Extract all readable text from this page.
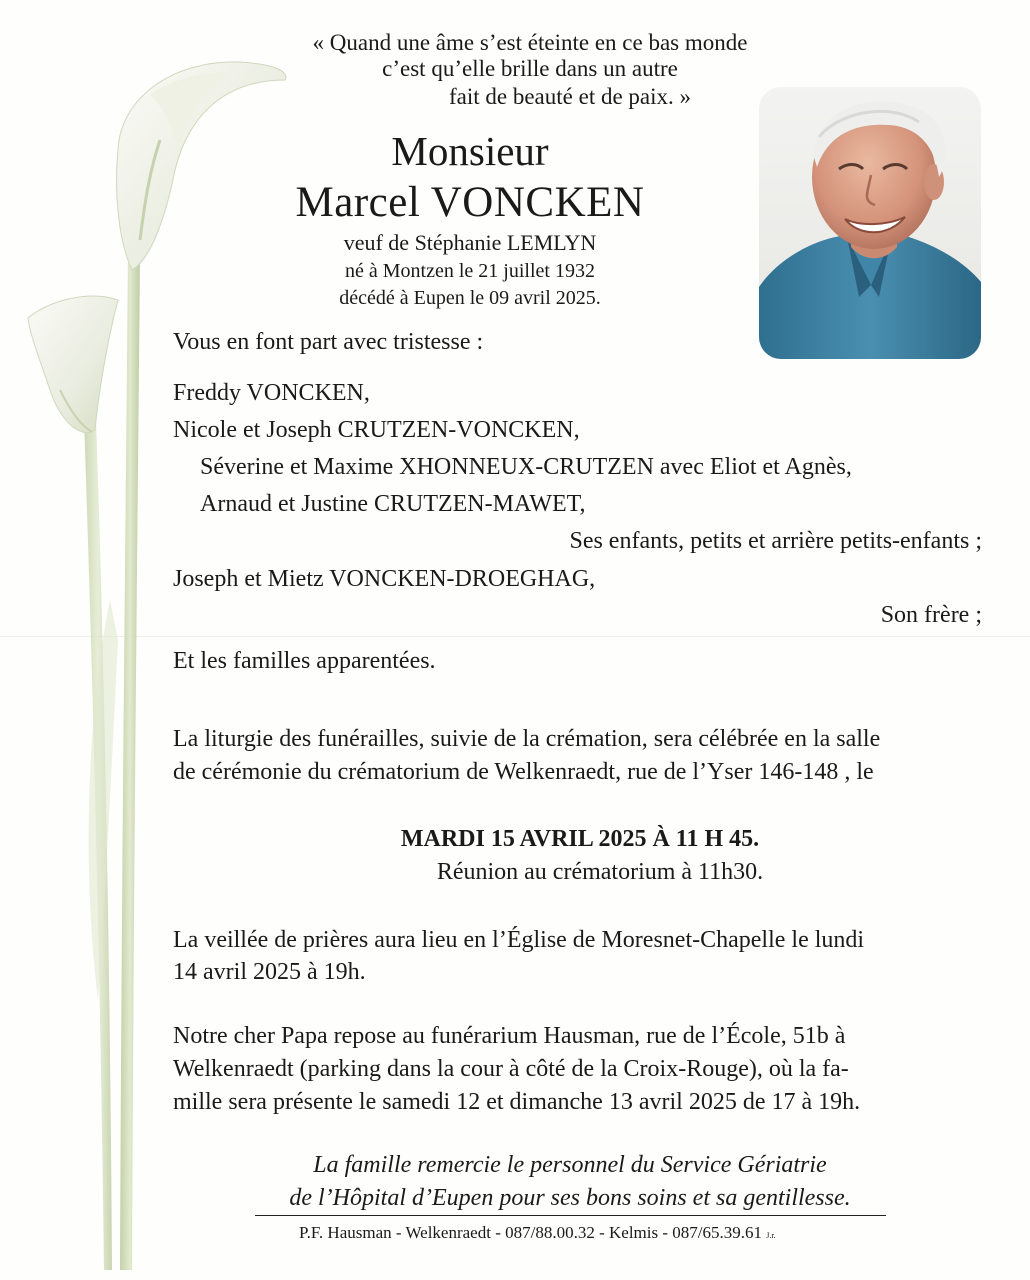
« Quand une âme s’est éteinte en ce bas monde
c’est qu’elle brille dans un autre
fait de beauté et de paix. »
Monsieur
Marcel VONCKEN
veuf de Stéphanie LEMLYN
né à Montzen le 21 juillet 1932
décédé à Eupen le 09 avril 2025.
Vous en font part avec tristesse :
Freddy VONCKEN,
Nicole et Joseph CRUTZEN-VONCKEN,
Séverine et Maxime XHONNEUX-CRUTZEN avec Eliot et Agnès,
Arnaud et Justine CRUTZEN-MAWET,
Ses enfants, petits et arrière petits-enfants ;
Joseph et Mietz VONCKEN-DROEGHAG,
Son frère ;
Et les familles apparentées.
La liturgie des funérailles, suivie de la crémation, sera célébrée en la salle
de cérémonie du crématorium de Welkenraedt, rue de l’Yser 146-148 , le
MARDI 15 AVRIL 2025 À 11 H 45.
Réunion au crématorium à 11h30.
La veillée de prières aura lieu en l’Église de Moresnet-Chapelle le lundi
14 avril 2025 à 19h.
Notre cher Papa repose au funérarium Hausman, rue de l’École, 51b à
Welkenraedt (parking dans la cour à côté de la Croix-Rouge), où la fa-
mille sera présente le samedi 12 et dimanche 13 avril 2025 de 17 à 19h.
La famille remercie le personnel du Service Gériatrie
de l’Hôpital d’Eupen pour ses bons soins et sa gentillesse.
P.F. Hausman - Welkenraedt - 087/88.00.32 - Kelmis - 087/65.39.61 J.r.
